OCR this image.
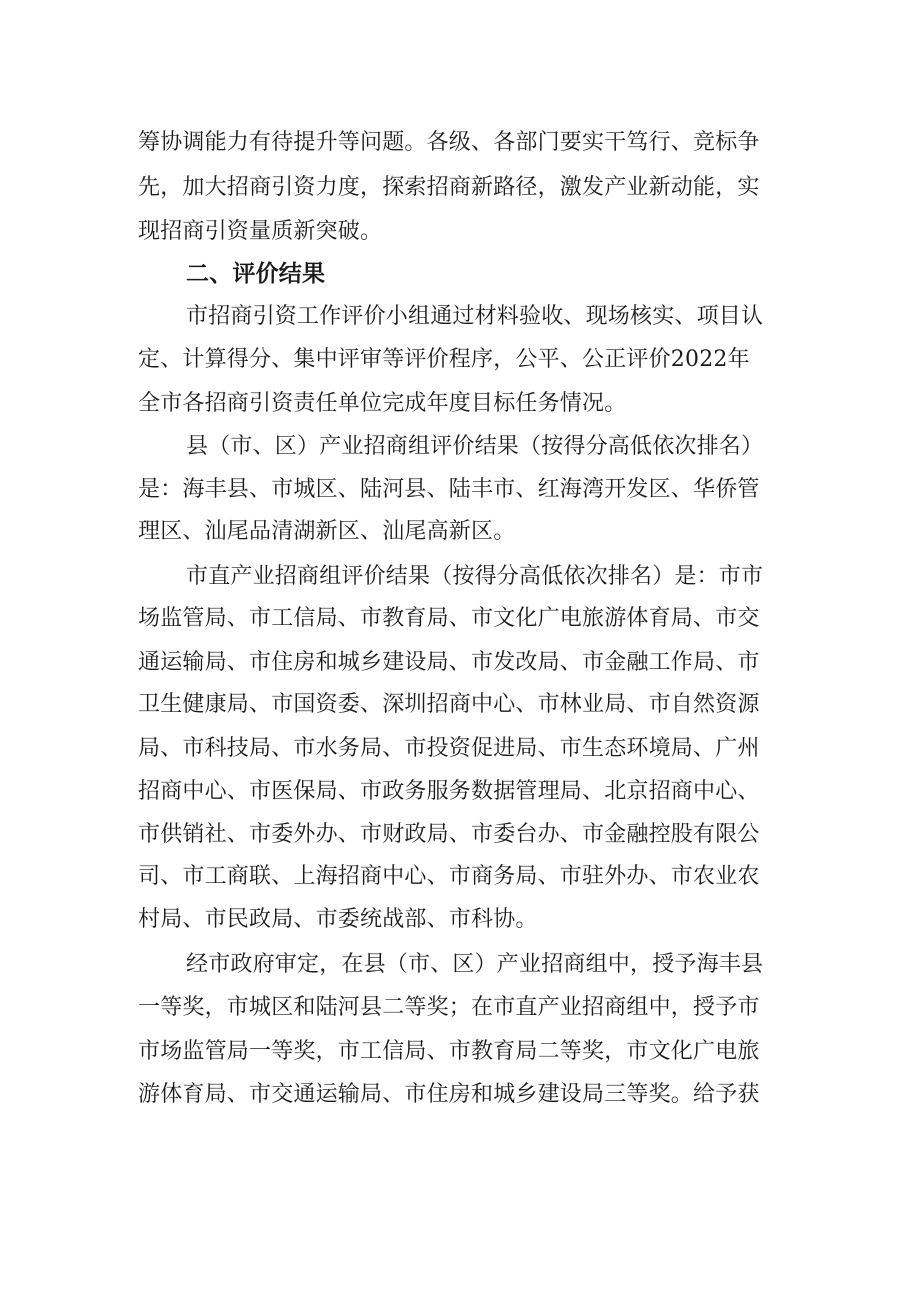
筹协调能力有待提升等问题。各级、各部门要实干笃行、竞标争
先，加大招商引资力度，探索招商新路径，激发产业新动能，实
现招商引资量质新突破。
二、评价结果
市招商引资工作评价小组通过材料验收、现场核实、项目认
定、计算得分、集中评审等评价程序，公平、公正评价2022年
全市各招商引资责任单位完成年度目标任务情况。
县（市、区）产业招商组评价结果（按得分高低依次排名）
是：海丰县、市城区、陆河县、陆丰市、红海湾开发区、华侨管
理区、汕尾品清湖新区、汕尾高新区。
市直产业招商组评价结果（按得分高低依次排名）是：市市
场监管局、市工信局、市教育局、市文化广电旅游体育局、市交
通运输局、市住房和城乡建设局、市发改局、市金融工作局、市
卫生健康局、市国资委、深圳招商中心、市林业局、市自然资源
局、市科技局、市水务局、市投资促进局、市生态环境局、广州
招商中心、市医保局、市政务服务数据管理局、北京招商中心、
市供销社、市委外办、市财政局、市委台办、市金融控股有限公
司、市工商联、上海招商中心、市商务局、市驻外办、市农业农
村局、市民政局、市委统战部、市科协。
经市政府审定，在县（市、区）产业招商组中，授予海丰县
一等奖，市城区和陆河县二等奖；在市直产业招商组中，授予市
市场监管局一等奖，市工信局、市教育局二等奖，市文化广电旅
游体育局、市交通运输局、市住房和城乡建设局三等奖。给予获
